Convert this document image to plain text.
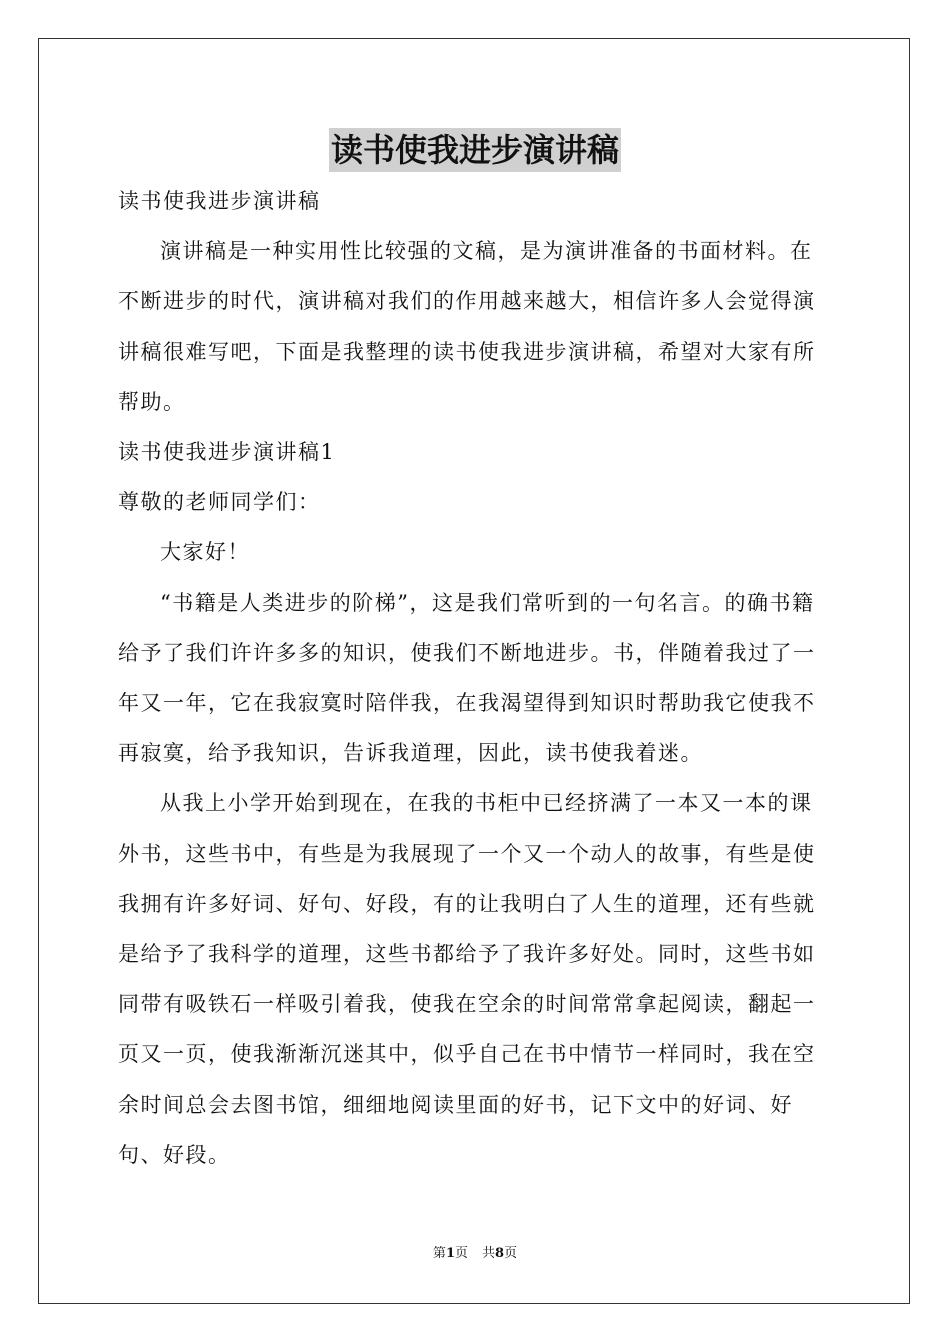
读书使我进步演讲稿

读书使我进步演讲稿

演讲稿是一种实用性比较强的文稿，是为演讲准备的书面材料。在不断进步的时代，演讲稿对我们的作用越来越大，相信许多人会觉得演讲稿很难写吧，下面是我整理的读书使我进步演讲稿，希望对大家有所帮助。

读书使我进步演讲稿1

尊敬的老师同学们：

大家好！

“书籍是人类进步的阶梯”，这是我们常听到的一句名言。的确书籍给予了我们许许多多的知识，使我们不断地进步。书，伴随着我过了一年又一年，它在我寂寞时陪伴我，在我渴望得到知识时帮助我它使我不再寂寞，给予我知识，告诉我道理，因此，读书使我着迷。

从我上小学开始到现在，在我的书柜中已经挤满了一本又一本的课外书，这些书中，有些是为我展现了一个又一个动人的故事，有些是使我拥有许多好词、好句、好段，有的让我明白了人生的道理，还有些就是给予了我科学的道理，这些书都给予了我许多好处。同时，这些书如同带有吸铁石一样吸引着我，使我在空余的时间常常拿起阅读，翻起一页又一页，使我渐渐沉迷其中，似乎自己在书中情节一样同时，我在空余时间总会去图书馆，细细地阅读里面的好书，记下文中的好词、好句、好段。

第1页 共8页
